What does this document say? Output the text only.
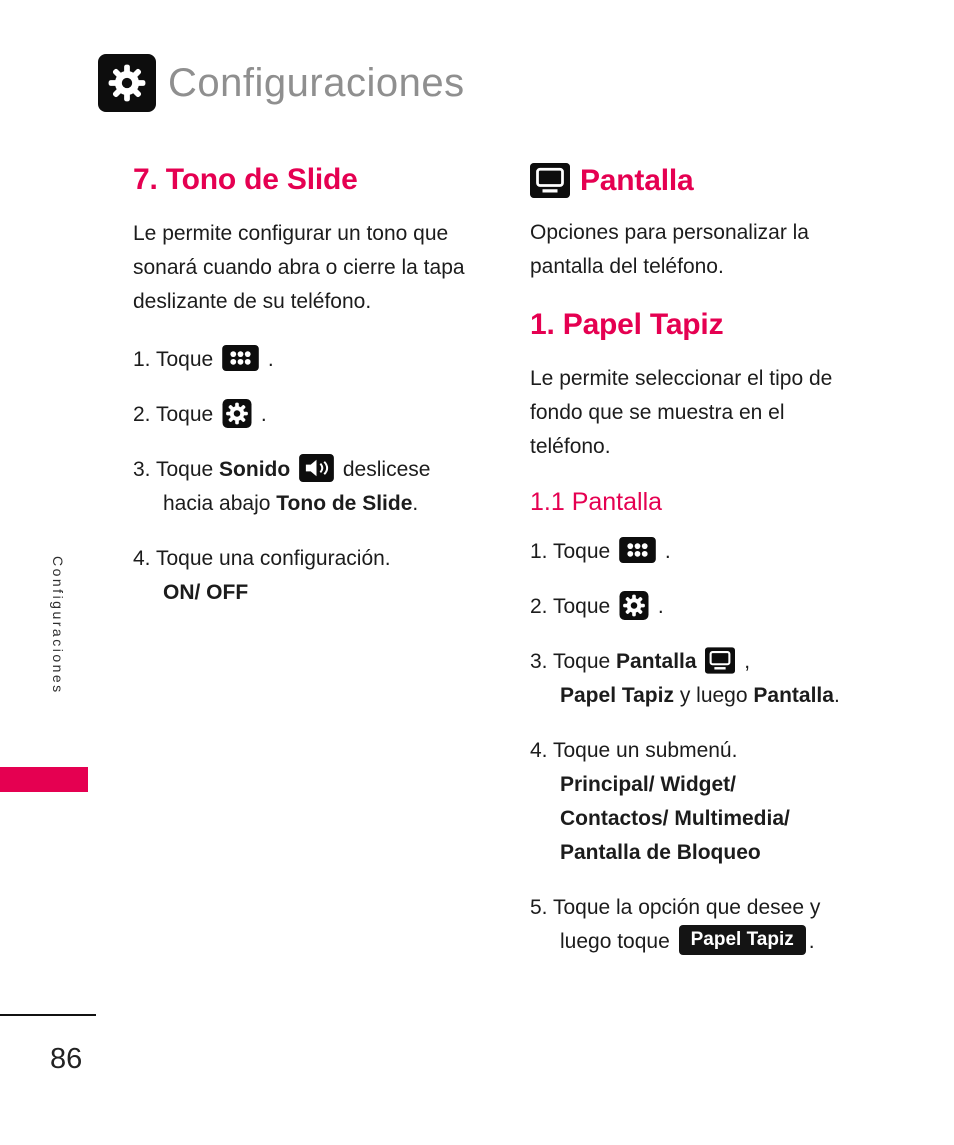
Configuraciones
Configuraciones
7. Tono de Slide

Le permite configurar un tono que sonará cuando abra o cierre la tapa deslizante de su teléfono.

1. Toque	.
2. Toque .
3. Toque Sonido	deslicese
hacia abajo Tono de Slide.
4. Toque una configuración.
ON/ OFF
Pantalla

Opciones para personalizar la pantalla del teléfono.

1. Papel Tapiz

Le permite seleccionar el tipo de fondo que se muestra en el teléfono.

1.1 Pantalla
1. Toque	.
2. Toque .
3. Toque Pantalla ,
Papel Tapiz y luego Pantalla.
4. Toque un submenú.
Principal/ Widget/
Contactos/ Multimedia/
Pantalla de Bloqueo
5. Toque la opción que desee y
luego toque Papel Tapiz .
86
